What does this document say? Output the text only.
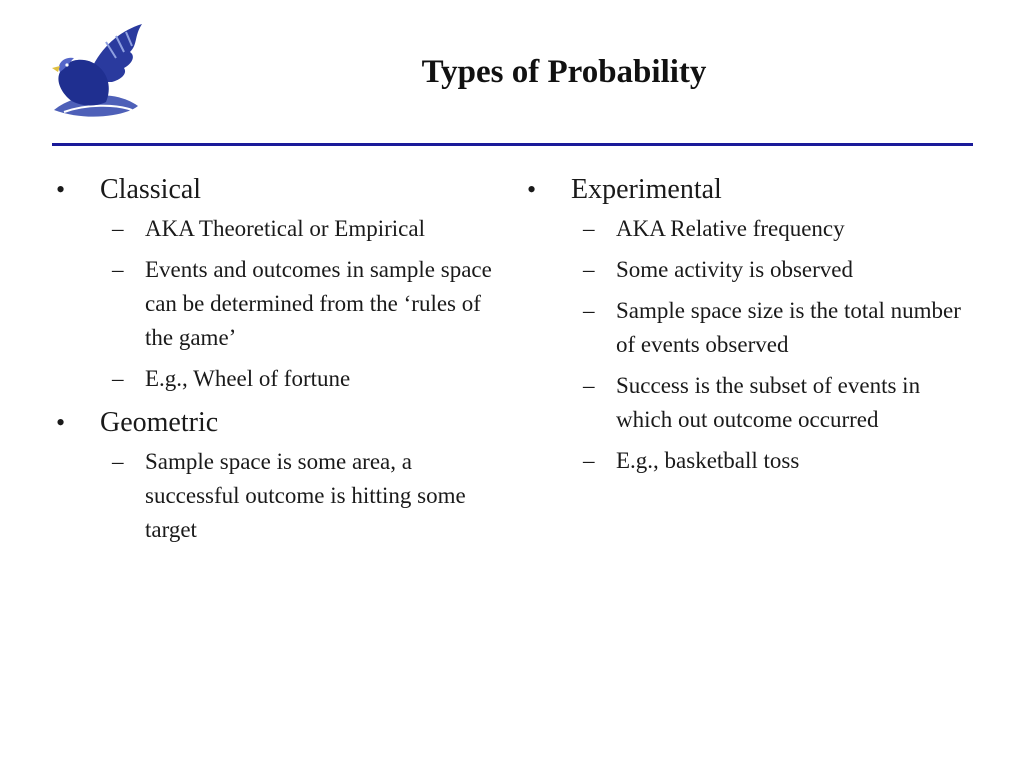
Types of Probability
• Classical
– AKA Theoretical or Empirical
– Events and outcomes in sample space can be determined from the ‘rules of the game’
– E.g., Wheel of fortune
• Geometric
– Sample space is some area, a successful outcome is hitting some target
• Experimental
– AKA Relative frequency
– Some activity is observed
– Sample space size is the total number of events observed
– Success is the subset of events in which out outcome occurred
– E.g., basketball toss
